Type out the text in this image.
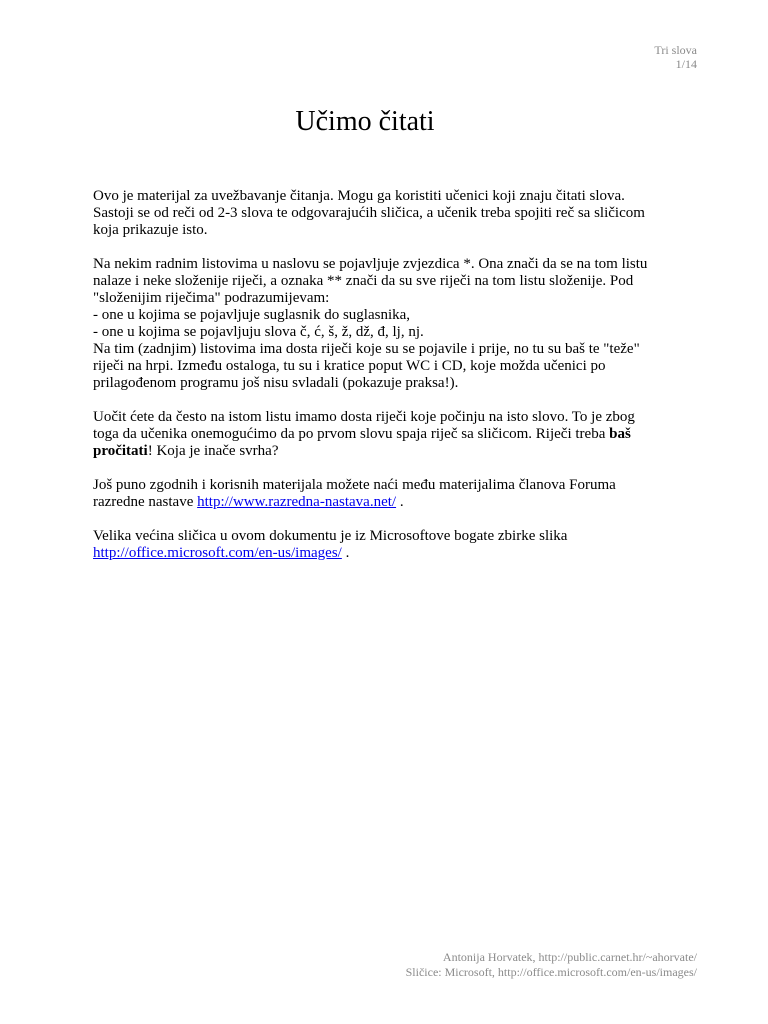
Tri slova
1/14
Učimo čitati

Ovo je materijal za uvežbavanje čitanja. Mogu ga koristiti učenici koji znaju čitati slova. Sastoji se od reči od 2-3 slova te odgovarajućih sličica, a učenik treba spojiti reč sa sličicom koja prikazuje isto.

Na nekim radnim listovima u naslovu se pojavljuje zvjezdica *. Ona znači da se na tom listu nalaze i neke složenije riječi, a oznaka ** znači da su sve riječi na tom listu složenije. Pod "složenijim riječima" podrazumijevam:
- one u kojima se pojavljuje suglasnik do suglasnika,
- one u kojima se pojavljuju slova č, ć, š, ž, dž, đ, lj, nj.
Na tim (zadnjim) listovima ima dosta riječi koje su se pojavile i prije, no tu su baš te "teže" riječi na hrpi. Između ostaloga, tu su i kratice poput WC i CD, koje možda učenici po prilagođenom programu još nisu svladali (pokazuje praksa!).

Uočit ćete da često na istom listu imamo dosta riječi koje počinju na isto slovo. To je zbog toga da učenika onemogućimo da po prvom slovu spaja riječ sa sličicom. Riječi treba baš pročitati! Koja je inače svrha?

Još puno zgodnih i korisnih materijala možete naći među materijalima članova Foruma razredne nastave http://www.razredna-nastava.net/ .

Velika većina sličica u ovom dokumentu je iz Microsoftove bogate zbirke slika http://office.microsoft.com/en-us/images/ .

Antonija Horvatek, http://public.carnet.hr/~ahorvate/
Sličice: Microsoft, http://office.microsoft.com/en-us/images/
